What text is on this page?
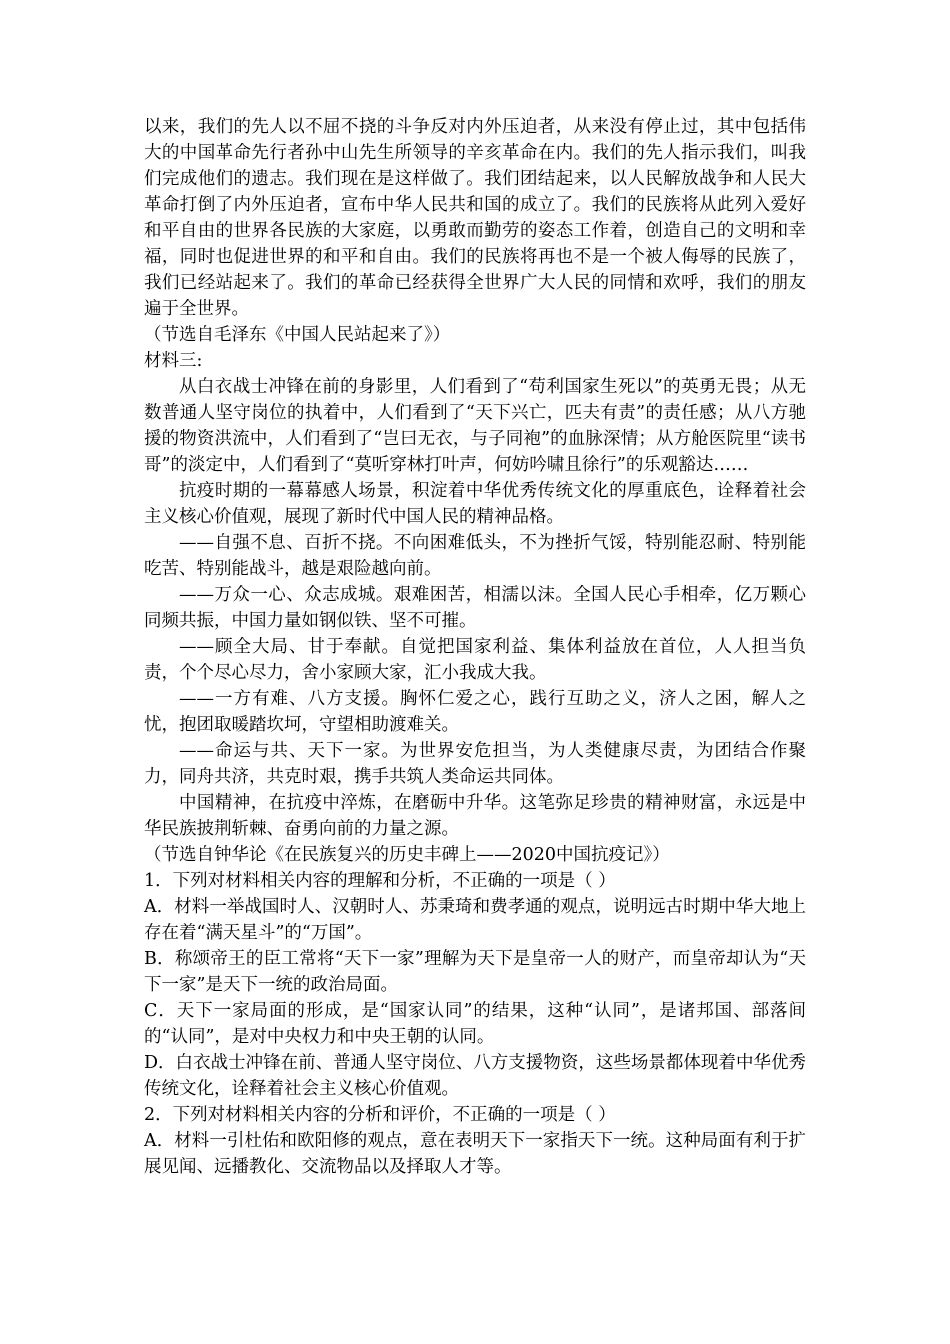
以来，我们的先人以不屈不挠的斗争反对内外压迫者，从来没有停止过，其中包括伟大的中国革命先行者孙中山先生所领导的辛亥革命在内。我们的先人指示我们，叫我们完成他们的遗志。我们现在是这样做了。我们团结起来，以人民解放战争和人民大革命打倒了内外压迫者，宣布中华人民共和国的成立了。我们的民族将从此列入爱好和平自由的世界各民族的大家庭，以勇敢而勤劳的姿态工作着，创造自己的文明和幸福，同时也促进世界的和平和自由。我们的民族将再也不是一个被人侮辱的民族了，我们已经站起来了。我们的革命已经获得全世界广大人民的同情和欢呼，我们的朋友遍于全世界。

（节选自毛泽东《中国人民站起来了》）

材料三:

从白衣战士冲锋在前的身影里，人们看到了“苟利国家生死以”的英勇无畏；从无数普通人坚守岗位的执着中，人们看到了“天下兴亡，匹夫有责”的责任感；从八方驰援的物资洪流中，人们看到了“岂曰无衣，与子同袍”的血脉深情；从方舱医院里“读书哥”的淡定中，人们看到了“莫听穿林打叶声，何妨吟啸且徐行”的乐观豁达……

抗疫时期的一幕幕感人场景，积淀着中华优秀传统文化的厚重底色，诠释着社会主义核心价值观，展现了新时代中国人民的精神品格。

——自强不息、百折不挠。不向困难低头，不为挫折气馁，特别能忍耐、特别能吃苦、特别能战斗，越是艰险越向前。

——万众一心、众志成城。艰难困苦，相濡以沫。全国人民心手相牵，亿万颗心同频共振，中国力量如钢似铁、坚不可摧。

——顾全大局、甘于奉献。自觉把国家利益、集体利益放在首位，人人担当负责，个个尽心尽力，舍小家顾大家，汇小我成大我。

——一方有难、八方支援。胸怀仁爱之心，践行互助之义，济人之困，解人之忧，抱团取暖踏坎坷，守望相助渡难关。

——命运与共、天下一家。为世界安危担当，为人类健康尽责，为团结合作聚力，同舟共济，共克时艰，携手共筑人类命运共同体。

中国精神，在抗疫中淬炼，在磨砺中升华。这笔弥足珍贵的精神财富，永远是中华民族披荆斩棘、奋勇向前的力量之源。

（节选自钟华论《在民族复兴的历史丰碑上——2020中国抗疫记》）

1．下列对材料相关内容的理解和分析，不正确的一项是（ ）

A．材料一举战国时人、汉朝时人、苏秉琦和费孝通的观点，说明远古时期中华大地上存在着“满天星斗”的“万国”。

B．称颂帝王的臣工常将“天下一家”理解为天下是皇帝一人的财产，而皇帝却认为“天下一家”是天下一统的政治局面。

C．天下一家局面的形成，是“国家认同”的结果，这种“认同”，是诸邦国、部落间的“认同”，是对中央权力和中央王朝的认同。

D．白衣战士冲锋在前、普通人坚守岗位、八方支援物资，这些场景都体现着中华优秀传统文化，诠释着社会主义核心价值观。

2．下列对材料相关内容的分析和评价，不正确的一项是（ ）

A．材料一引杜佑和欧阳修的观点，意在表明天下一家指天下一统。这种局面有利于扩展见闻、远播教化、交流物品以及择取人才等。
